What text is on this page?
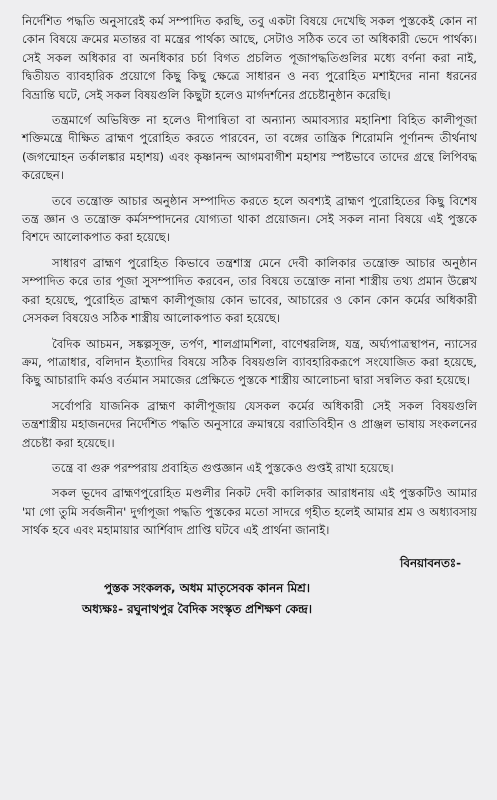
নির্দেশিত পদ্ধতি অনুসারেই কর্ম সম্পাদিত করছি, তবু একটা বিষয়ে দেখেছি সকল পুস্তকেই কোন না কোন বিষয়ে ক্রমের মতান্তর বা মন্ত্রের পার্থক্য আছে, সেটাও সঠিক তবে তা অধিকারী ভেদে পার্থক্য। সেই সকল অধিকার বা অনধিকার চর্চা বিগত প্রচলিত পূজাপদ্ধতিগুলির মধ্যে বর্ণনা করা নাই, দ্বিতীয়ত ব্যাবহারিক প্রয়োগে কিছু কিছু ক্ষেত্রে সাধারন ও নব্য পুরোহিত মশাইদের নানা ধরনের বিভ্রান্তি ঘটে, সেই সকল বিষয়গুলি কিছুটা হলেও মার্গদর্শনের প্রচেষ্টানুষ্ঠান করেছি।

তন্ত্রমার্গে অভিষিক্ত না হলেও দীপান্বিতা বা অন্যান্য অমাবস্যার মহানিশা বিহিত কালীপূজা শক্তিমন্ত্রে দীক্ষিত ব্রাহ্মণ পুরোহিত করতে পারবেন, তা বঙ্গের তান্ত্রিক শিরোমনি পূর্ণানন্দ তীর্থনাথ (জগন্মোহন তর্কালঙ্কার মহাশয়) এবং কৃষ্ণানন্দ আগমবাগীশ মহাশয় স্পষ্টভাবে তাদের গ্রন্থে লিপিবদ্ধ করেছেন।

তবে তন্ত্রোক্ত আচার অনুষ্ঠান সম্পাদিত করতে হলে অবশ্যই ব্রাহ্মণ পুরোহিতের কিছু বিশেষ তন্ত্র জ্ঞান ও তন্ত্রোক্ত কর্মসম্পাদনের যোগ্যতা থাকা প্রয়োজন। সেই সকল নানা বিষয়ে এই পুস্তকে বিশদে আলোকপাত করা হয়েছে।

সাধারণ ব্রাহ্মণ পুরোহিত কিভাবে তন্ত্রশাস্ত্র মেনে দেবী কালিকার তন্ত্রোক্ত আচার অনুষ্ঠান সম্পাদিত করে তার পূজা সুসম্পাদিত করবেন, তার বিষয়ে তন্ত্রোক্ত নানা শাস্ত্রীয় তথ্য প্রমান উল্লেখ করা হয়েছে, পুরোহিত ব্রাহ্মণ কালীপূজায় কোন ভাবের, আচারের ও কোন কোন কর্মের অধিকারী সেসকল বিষয়েও সঠিক শাস্ত্রীয় আলোকপাত করা হয়েছে।

বৈদিক আচমন, সঙ্কল্পসূক্ত, তর্পণ, শালগ্রামশিলা, বাণেশ্বরলিঙ্গ, যন্ত্র, অর্ঘ্যপাত্রস্থাপন, ন্যাসের ক্রম, পাত্রাধার, বলিদান ইত্যাদির বিষয়ে সঠিক বিষয়গুলি ব্যাবহারিকরূপে সংযোজিত করা হয়েছে, কিছু আচারাদি কর্মও বর্তমান সমাজের প্রেক্ষিতে পুস্তকে শাস্ত্রীয় আলোচনা দ্বারা সন্বলিত করা হয়েছে।

সর্বোপরি যাজনিক ব্রাহ্মণ কালীপূজায় যেসকল কর্মের অধিকারী সেই সকল বিষয়গুলি তন্ত্রশাস্ত্রীয় মহাজনদের নির্দেশিত পদ্ধতি অনুসারে ক্রমান্বয়ে বরাতিবিহীন ও প্রাঞ্জল ভাষায় সংকলনের প্রচেষ্টা করা হয়েছে।।

তন্ত্রে বা গুরু পরম্পরায় প্রবাহিত গুপ্তজ্ঞান এই পুস্তকেও গুপ্তই রাখা হয়েছে।

সকল ভূদেব ব্রাহ্মণপুরোহিত মণ্ডলীর নিকট দেবী কালিকার আরাধনায় এই পুস্তকটিও আমার 'মা গো তুমি সর্বজনীন' দুর্গাপূজা পদ্ধতি পুস্তকের মতো সাদরে গৃহীত হলেই আমার শ্রম ও অধ্যাবসায় সার্থক হবে এবং মহামায়ার আর্শিবাদ প্রাপ্তি ঘটবে এই প্রার্থনা জানাই।

বিনয়াবনতঃ-
পুস্তক সংকলক, অধম মাতৃসেবক কানন মিশ্র।
অধ্যক্ষঃ- রঘুনাথপুর বৈদিক সংস্কৃত প্রশিক্ষণ কেন্দ্র।
